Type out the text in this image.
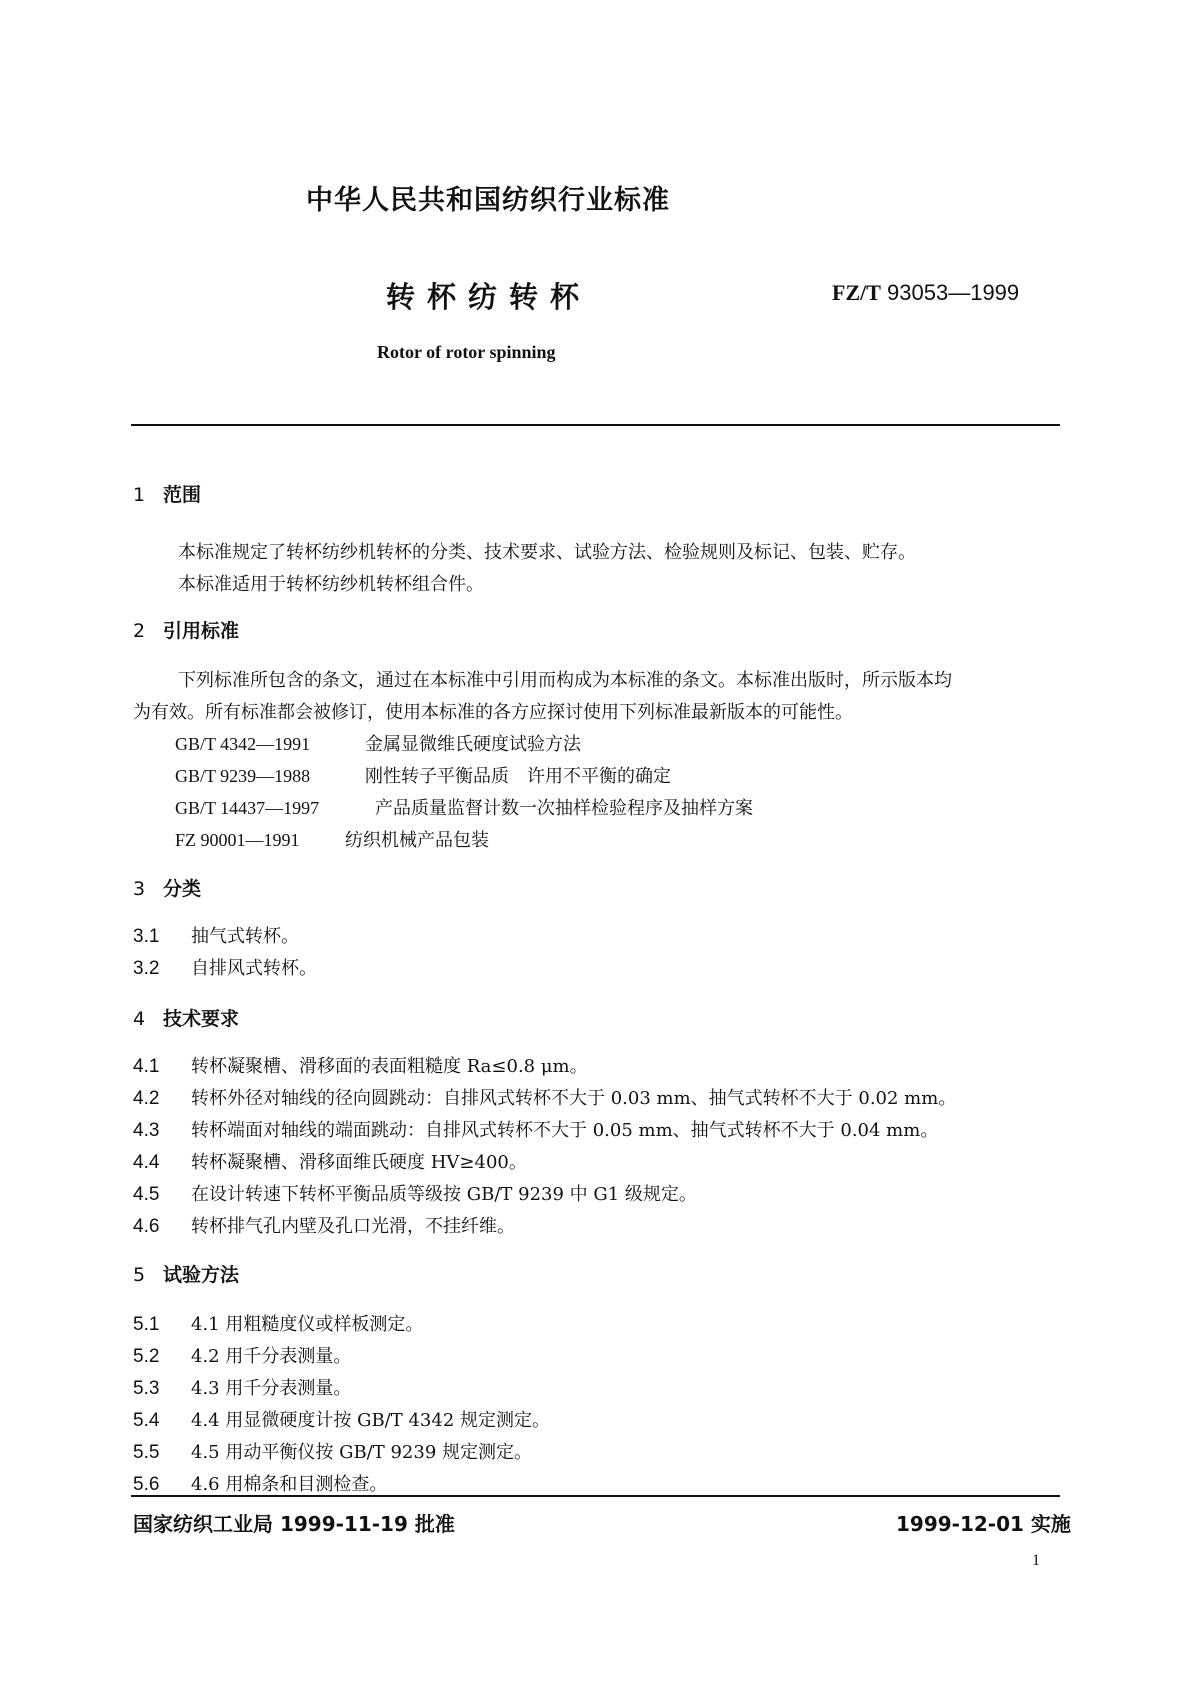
中华人民共和国纺织行业标准
转杯纺转杯	FZ/T 93053—1999
Rotor of rotor spinning
1 范围
本标准规定了转杯纺纱机转杯的分类、技术要求、试验方法、检验规则及标记、包装、贮存。
本标准适用于转杯纺纱机转杯组合件。
2 引用标准
下列标准所包含的条文，通过在本标准中引用而构成为本标准的条文。本标准出版时，所示版本均
为有效。所有标准都会被修订，使用本标准的各方应探讨使用下列标准最新版本的可能性。
GB/T 4342—1991	金属显微维氏硬度试验方法
GB/T 9239—1988	刚性转子平衡品质　许用不平衡的确定
GB/T 14437—1997	产品质量监督计数一次抽样检验程序及抽样方案
FZ 90001—1991	纺织机械产品包装
3 分类
3.1 抽气式转杯。
3.2 自排风式转杯。
4 技术要求
4.1 转杯凝聚槽、滑移面的表面粗糙度 Ra≤0.8 μm。
4.2 转杯外径对轴线的径向圆跳动：自排风式转杯不大于 0.03 mm、抽气式转杯不大于 0.02 mm。
4.3 转杯端面对轴线的端面跳动：自排风式转杯不大于 0.05 mm、抽气式转杯不大于 0.04 mm。
4.4 转杯凝聚槽、滑移面维氏硬度 HV≥400。
4.5 在设计转速下转杯平衡品质等级按 GB/T 9239 中 G1 级规定。
4.6 转杯排气孔内壁及孔口光滑，不挂纤维。
5 试验方法
5.1 4.1 用粗糙度仪或样板测定。
5.2 4.2 用千分表测量。
5.3 4.3 用千分表测量。
5.4 4.4 用显微硬度计按 GB/T 4342 规定测定。
5.5 4.5 用动平衡仪按 GB/T 9239 规定测定。
5.6 4.6 用棉条和目测检查。
国家纺织工业局 1999-11-19 批准	1999-12-01 实施
1
